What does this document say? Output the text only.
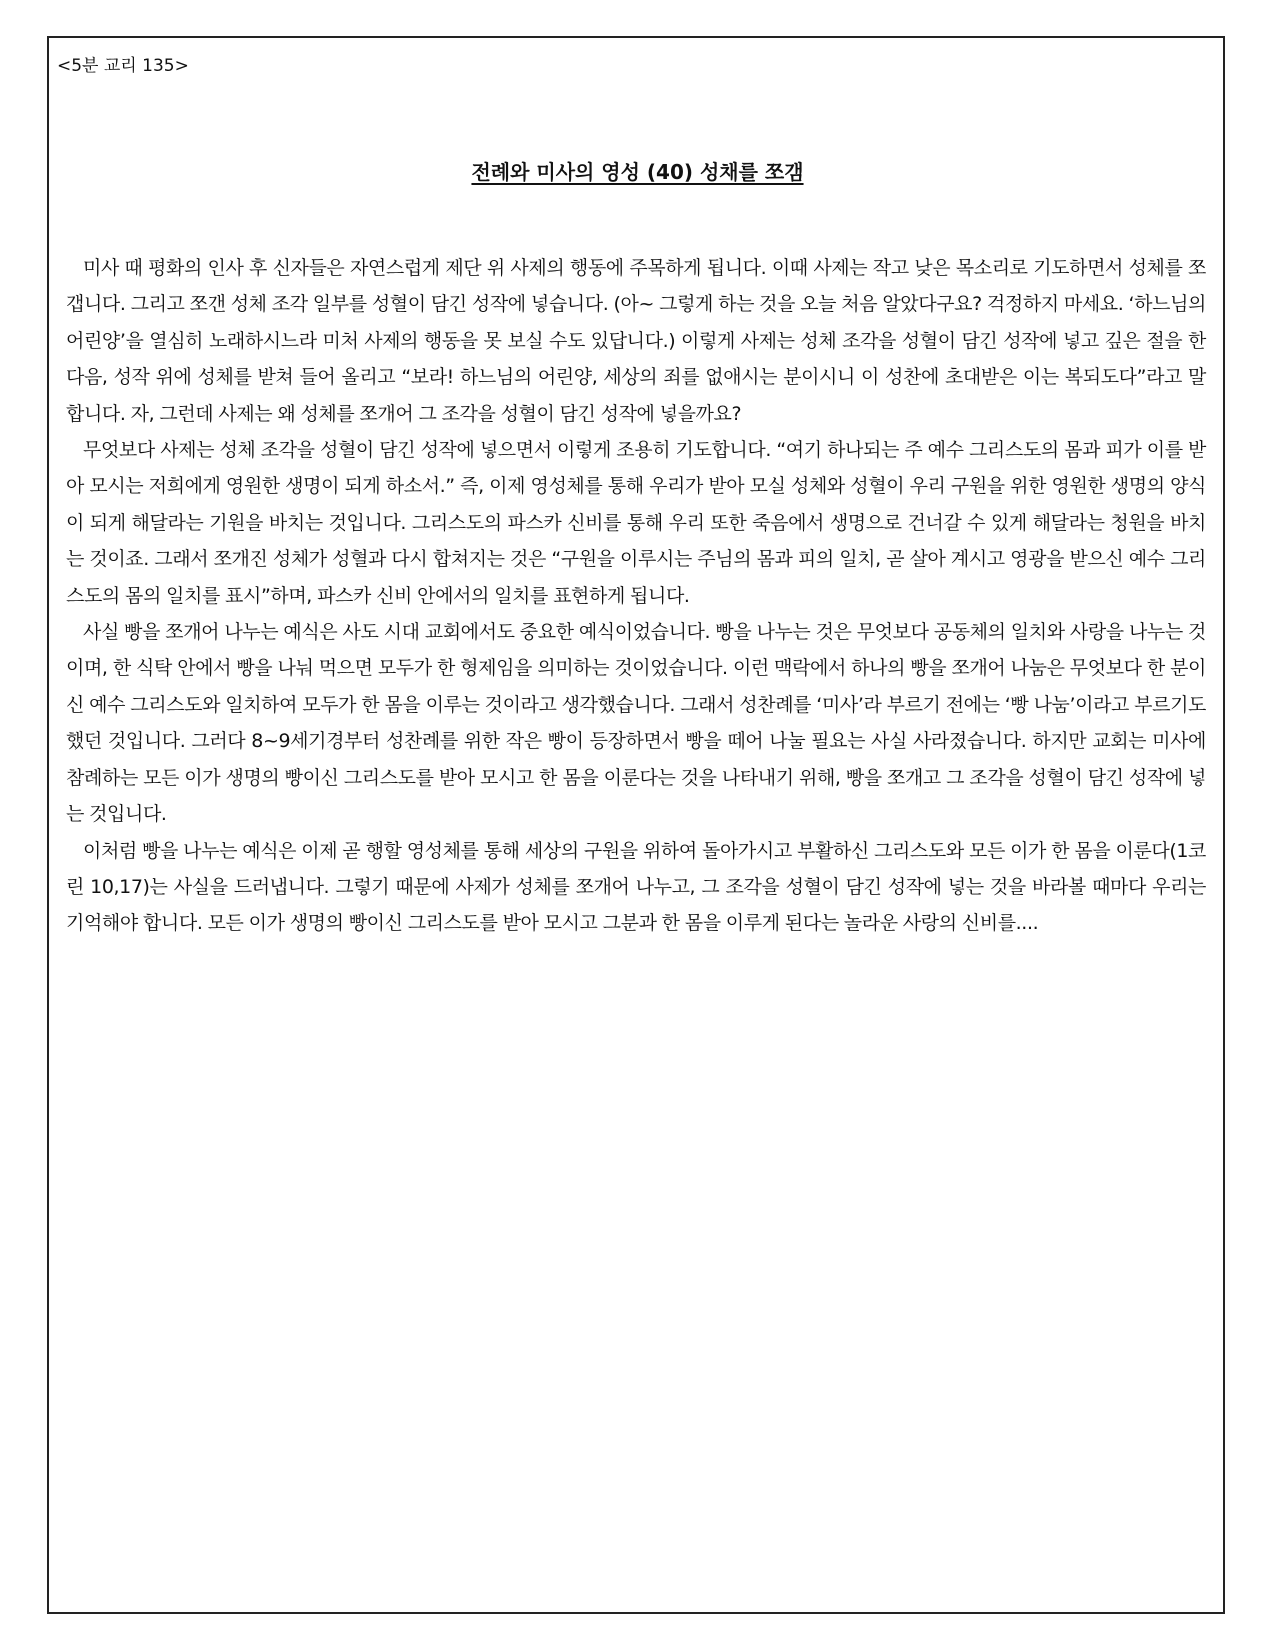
<5분 교리 135>
전례와 미사의 영성 (40) 성채를 쪼갬

미사 때 평화의 인사 후 신자들은 자연스럽게 제단 위 사제의 행동에 주목하게 됩니다. 이때 사제는 작고 낮은 목소리로 기도하면서 성체를 쪼갭니다. 그리고 쪼갠 성체 조각 일부를 성혈이 담긴 성작에 넣습니다. (아~ 그렇게 하는 것을 오늘 처음 알았다구요? 걱정하지 마세요. ‘하느님의 어린양’을 열심히 노래하시느라 미처 사제의 행동을 못 보실 수도 있답니다.) 이렇게 사제는 성체 조각을 성혈이 담긴 성작에 넣고 깊은 절을 한 다음, 성작 위에 성체를 받쳐 들어 올리고 “보라! 하느님의 어린양, 세상의 죄를 없애시는 분이시니 이 성찬에 초대받은 이는 복되도다”라고 말합니다. 자, 그런데 사제는 왜 성체를 쪼개어 그 조각을 성혈이 담긴 성작에 넣을까요?

무엇보다 사제는 성체 조각을 성혈이 담긴 성작에 넣으면서 이렇게 조용히 기도합니다. “여기 하나되는 주 예수 그리스도의 몸과 피가 이를 받아 모시는 저희에게 영원한 생명이 되게 하소서.” 즉, 이제 영성체를 통해 우리가 받아 모실 성체와 성혈이 우리 구원을 위한 영원한 생명의 양식이 되게 해달라는 기원을 바치는 것입니다. 그리스도의 파스카 신비를 통해 우리 또한 죽음에서 생명으로 건너갈 수 있게 해달라는 청원을 바치는 것이죠. 그래서 쪼개진 성체가 성혈과 다시 합쳐지는 것은 “구원을 이루시는 주님의 몸과 피의 일치, 곧 살아 계시고 영광을 받으신 예수 그리스도의 몸의 일치를 표시”하며, 파스카 신비 안에서의 일치를 표현하게 됩니다.

사실 빵을 쪼개어 나누는 예식은 사도 시대 교회에서도 중요한 예식이었습니다. 빵을 나누는 것은 무엇보다 공동체의 일치와 사랑을 나누는 것이며, 한 식탁 안에서 빵을 나눠 먹으면 모두가 한 형제임을 의미하는 것이었습니다. 이런 맥락에서 하나의 빵을 쪼개어 나눔은 무엇보다 한 분이신 예수 그리스도와 일치하여 모두가 한 몸을 이루는 것이라고 생각했습니다. 그래서 성찬례를 ‘미사’라 부르기 전에는 ‘빵 나눔’이라고 부르기도 했던 것입니다. 그러다 8~9세기경부터 성찬례를 위한 작은 빵이 등장하면서 빵을 떼어 나눌 필요는 사실 사라졌습니다. 하지만 교회는 미사에 참례하는 모든 이가 생명의 빵이신 그리스도를 받아 모시고 한 몸을 이룬다는 것을 나타내기 위해, 빵을 쪼개고 그 조각을 성혈이 담긴 성작에 넣는 것입니다.

이처럼 빵을 나누는 예식은 이제 곧 행할 영성체를 통해 세상의 구원을 위하여 돌아가시고 부활하신 그리스도와 모든 이가 한 몸을 이룬다(1코린 10,17)는 사실을 드러냅니다. 그렇기 때문에 사제가 성체를 쪼개어 나누고, 그 조각을 성혈이 담긴 성작에 넣는 것을 바라볼 때마다 우리는 기억해야 합니다. 모든 이가 생명의 빵이신 그리스도를 받아 모시고 그분과 한 몸을 이루게 된다는 놀라운 사랑의 신비를....
